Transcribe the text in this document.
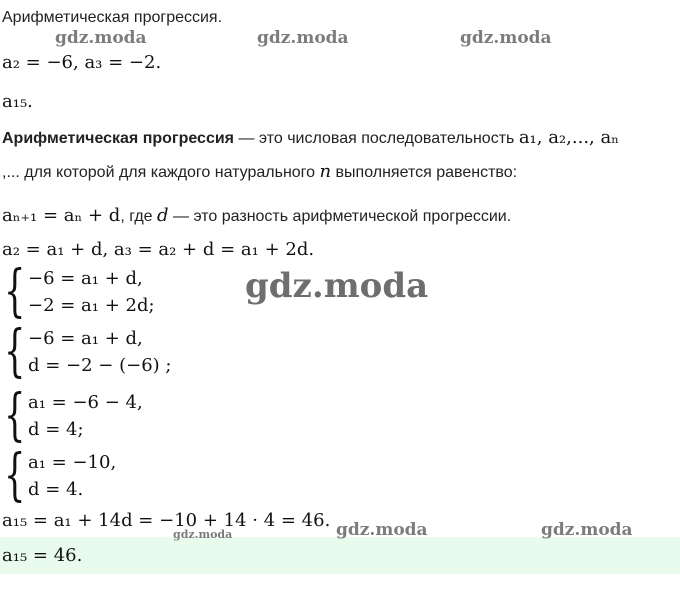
gdz.moda	gdz.moda	gdz.moda
gdz.moda
gdz.moda	gdz.moda
gdz.moda
Арифметическая прогрессия.
a₂ = −6, a₃ = −2.
a₁₅.
Арифметическая прогрессия — это числовая последовательность a₁, a₂,..., aₙ
,... для которой для каждого натурального n выполняется равенство:
aₙ₊₁ = aₙ + d, где d — это разность арифметической прогрессии.
a₂ = a₁ + d, a₃ = a₂ + d = a₁ + 2d.
{ −6 = a₁ + d,
−2 = a₁ + 2d;
{ −6 = a₁ + d,
d = −2 − (−6) ;
{ a₁ = −6 − 4,
d = 4;
{ a₁ = −10,
d = 4.
a₁₅ = a₁ + 14d = −10 + 14 · 4 = 46.
a₁₅ = 46.
